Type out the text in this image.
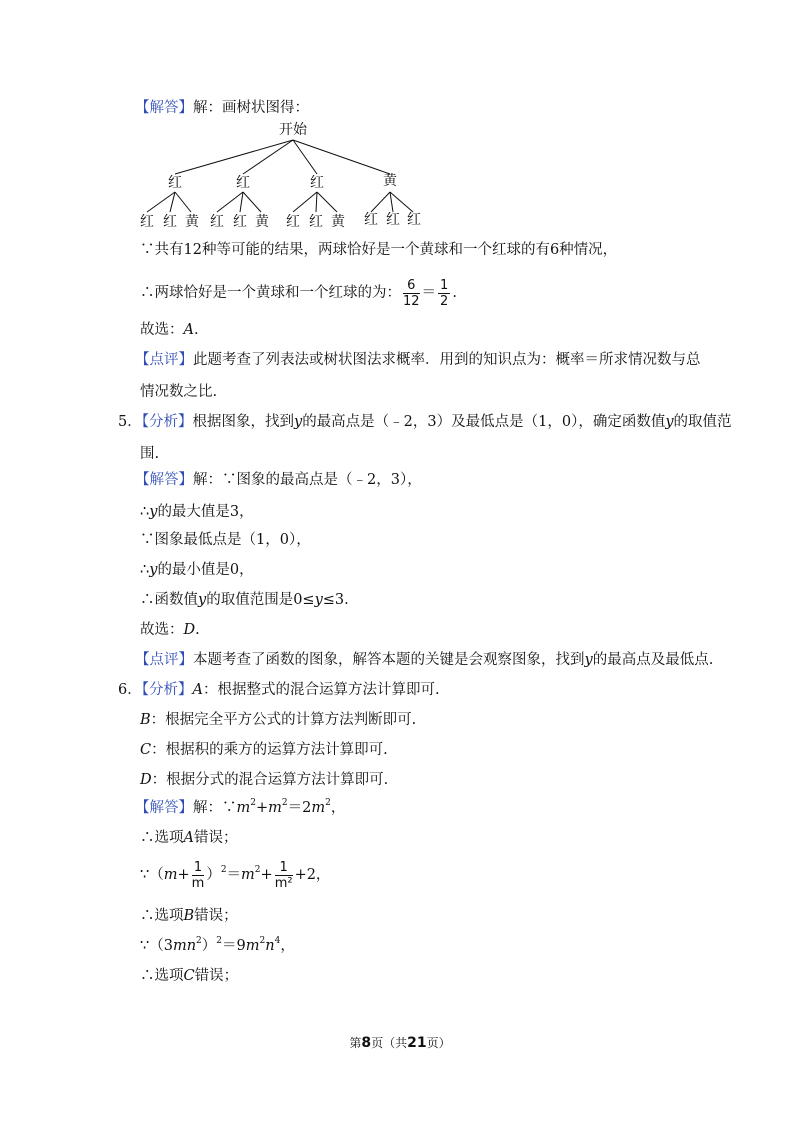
【解答】解：画树状图得：
开始
红	红	红	黄
红 红 黄 红 红 黄 红 红 黄 红 红 红
∵共有12种等可能的结果，两球恰好是一个黄球和一个红球的有6种情况，
∴两球恰好是一个黄球和一个红球的为： $\frac{6}{12} = \frac{1}{2}$ .
故选：A.
【点评】此题考查了列表法或树状图法求概率．用到的知识点为：概率＝所求情况数与总
情况数之比.
5．【分析】根据图象，找到y的最高点是（﹣2，3）及最低点是（1，0），确定函数值y的取值范
围.
【解答】解：∵图象的最高点是（﹣2，3），
∴y的最大值是3，
∵图象最低点是（1，0），
∴y的最小值是0，
∴函数值y的取值范围是0≤y≤3.
故选：D.
【点评】本题考查了函数的图象，解答本题的关键是会观察图象，找到y的最高点及最低点.
6．【分析】A：根据整式的混合运算方法计算即可.
B：根据完全平方公式的计算方法判断即可.
C：根据积的乘方的运算方法计算即可.
D：根据分式的混合运算方法计算即可.
【解答】解：$\because m^2+m^2=2m^2$，
∴选项A错误；
∵（m+ $\frac{1}{m} )^2=m^2+ \frac{1}{\text{m²}} +2$，
∴选项B错误；
$\because(3mn^2)^2=9m^2n^4$，
∴选项C错误；
第8页（共21页）
